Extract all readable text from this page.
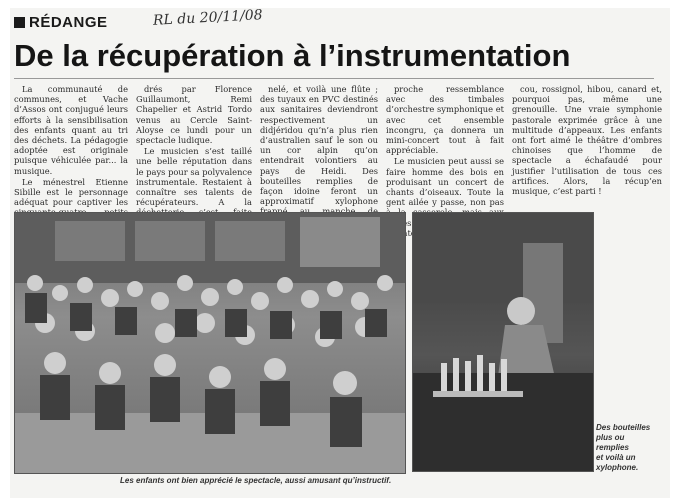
RÉDANGE	RL du 20/11/08
De la récupération à l’instrumentation

La communauté de communes, et Vache d’Assos ont conjugué leurs efforts à la sensibilisation des enfants quant au tri des déchets. La pédagogie adoptée est originale puisque véhiculée par... la musique.

Le ménestrel Etienne Sibille est le personnage adéquat pour captiver les

drés par Florence Guillaumont, Remi Chapelier et Astrid Tordo venus au Cercle Saint-Aloyse ce lundi pour un spectacle ludique.

Le musicien s’est taillé une belle réputation dans le pays pour sa polyvalence instrumentale. Restaient à connaître ses talents de récupérateurs. A la

nelé, et voilà une flûte ; des tuyaux en PVC destinés aux sanitaires deviendront respectivement un didjéridou qu’n’a plus rien d’australien sauf le son ou un cor alpin qu’on entendrait volontiers au pays de Heidi. Des bouteilles remplies de façon idoine feront un approximatif xylophone

proche ressemblance avec des timbales d’orchestre symphonique et avec cet ensemble incongru, ça donnera un mini-concert tout à fait appréciable.

Le musicien peut aussi se faire homme des bois en produisant un concert de chants d’oiseaux. Toute la gent ailée y passe, non pas

cou, rossignol, hibou, canard et, pourquoi pas, même une grenouille. Une vraie symphonie pastorale exprimée grâce à une multitude d’appeaux. Les enfants ont fort aimé le théâtre d’ombres chinoises que l’homme de spectacle a échafaudé pour justifier l’utilisation de tous ces artifices. Alors, la récup’en musique, c’est parti !

Les enfants ont bien apprécié le spectacle, aussi amusant qu’instructif.
Des bouteilles
plus ou
remplies
et voilà un
xylophone.
